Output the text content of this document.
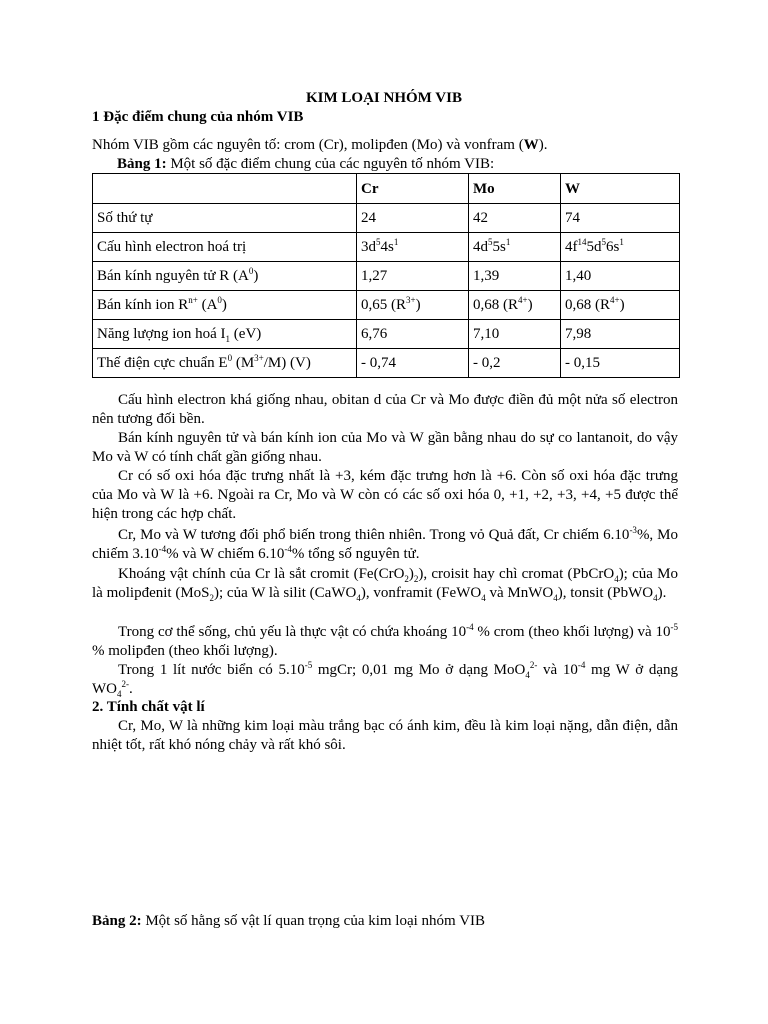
KIM LOẠI NHÓM VIB
1 Đặc điểm chung của nhóm VIB
Nhóm VIB gồm các nguyên tố: crom (Cr), molipđen (Mo) và vonfram (W).
Bảng 1: Một số đặc điểm chung của các nguyên tố nhóm VIB:
	Cr	Mo	W
Số thứ tự	24	42	74
Cấu hình electron hoá trị	$3d^54s^1$	$4d^55s^1$	$4f^{14}5d^56s^1$
Bán kính nguyên tử R $(A^0)$	1,27	1,39	1,40
Bán kính ion $R^{n+}$ $(A^0)$	0,65 $(R^{3+})$	0,68 $(R^{4+})$	0,68 $(R^{4+})$
Năng lượng ion hoá $I_1$ (eV)	6,76	7,10	7,98
Thế điện cực chuẩn $E^0$ $(M^{3+}/M)$ (V)	- 0,74	- 0,2	- 0,15
Cấu hình electron khá giống nhau, obitan d của Cr và Mo được điền đủ một nửa số electron nên tương đối bền.
Bán kính nguyên tử và bán kính ion của Mo và W gần bằng nhau do sự co lantanoit, do vậy Mo và W có tính chất gần giống nhau.
Cr có số oxi hóa đặc trưng nhất là +3, kém đặc trưng hơn là +6. Còn số oxi hóa đặc trưng của Mo và W là +6. Ngoài ra Cr, Mo và W còn có các số oxi hóa 0, +1, +2, +3, +4, +5 được thể hiện trong các hợp chất.
Cr, Mo và W tương đối phổ biến trong thiên nhiên. Trong vỏ Quả đất, Cr chiếm $6.10^{-3}\%$, Mo chiếm $3.10^{-4}\%$ và W chiếm $6.10^{-4}\%$ tổng số nguyên tử.
Khoáng vật chính của Cr là sắt cromit $(Fe(CrO_2)_2)$, croisit hay chì cromat (PbCrO$_4$); của Mo là molipđenit (MoS$_2$); của W là silit (CaWO$_4$), vonframit (FeWO$_4$ và MnWO$_4$), tonsit (PbWO$_4$).
Trong cơ thể sống, chủ yếu là thực vật có chứa khoáng $10^{-4}$ % crom (theo khối lượng) và $10^{-5}$ % molipđen (theo khối lượng).
Trong 1 lít nước biển có $5.10^{-5}$ mgCr; 0,01 mg Mo ở dạng MoO$_4^{2-}$ và $10^{-4}$ mg W ở dạng $WO_4^{2-}$.
2. Tính chất vật lí
Cr, Mo, W là những kim loại màu trắng bạc có ánh kim, đều là kim loại nặng, dẫn điện, dẫn nhiệt tốt, rất khó nóng chảy và rất khó sôi.
Bảng 2: Một số hằng số vật lí quan trọng của kim loại nhóm VIB
